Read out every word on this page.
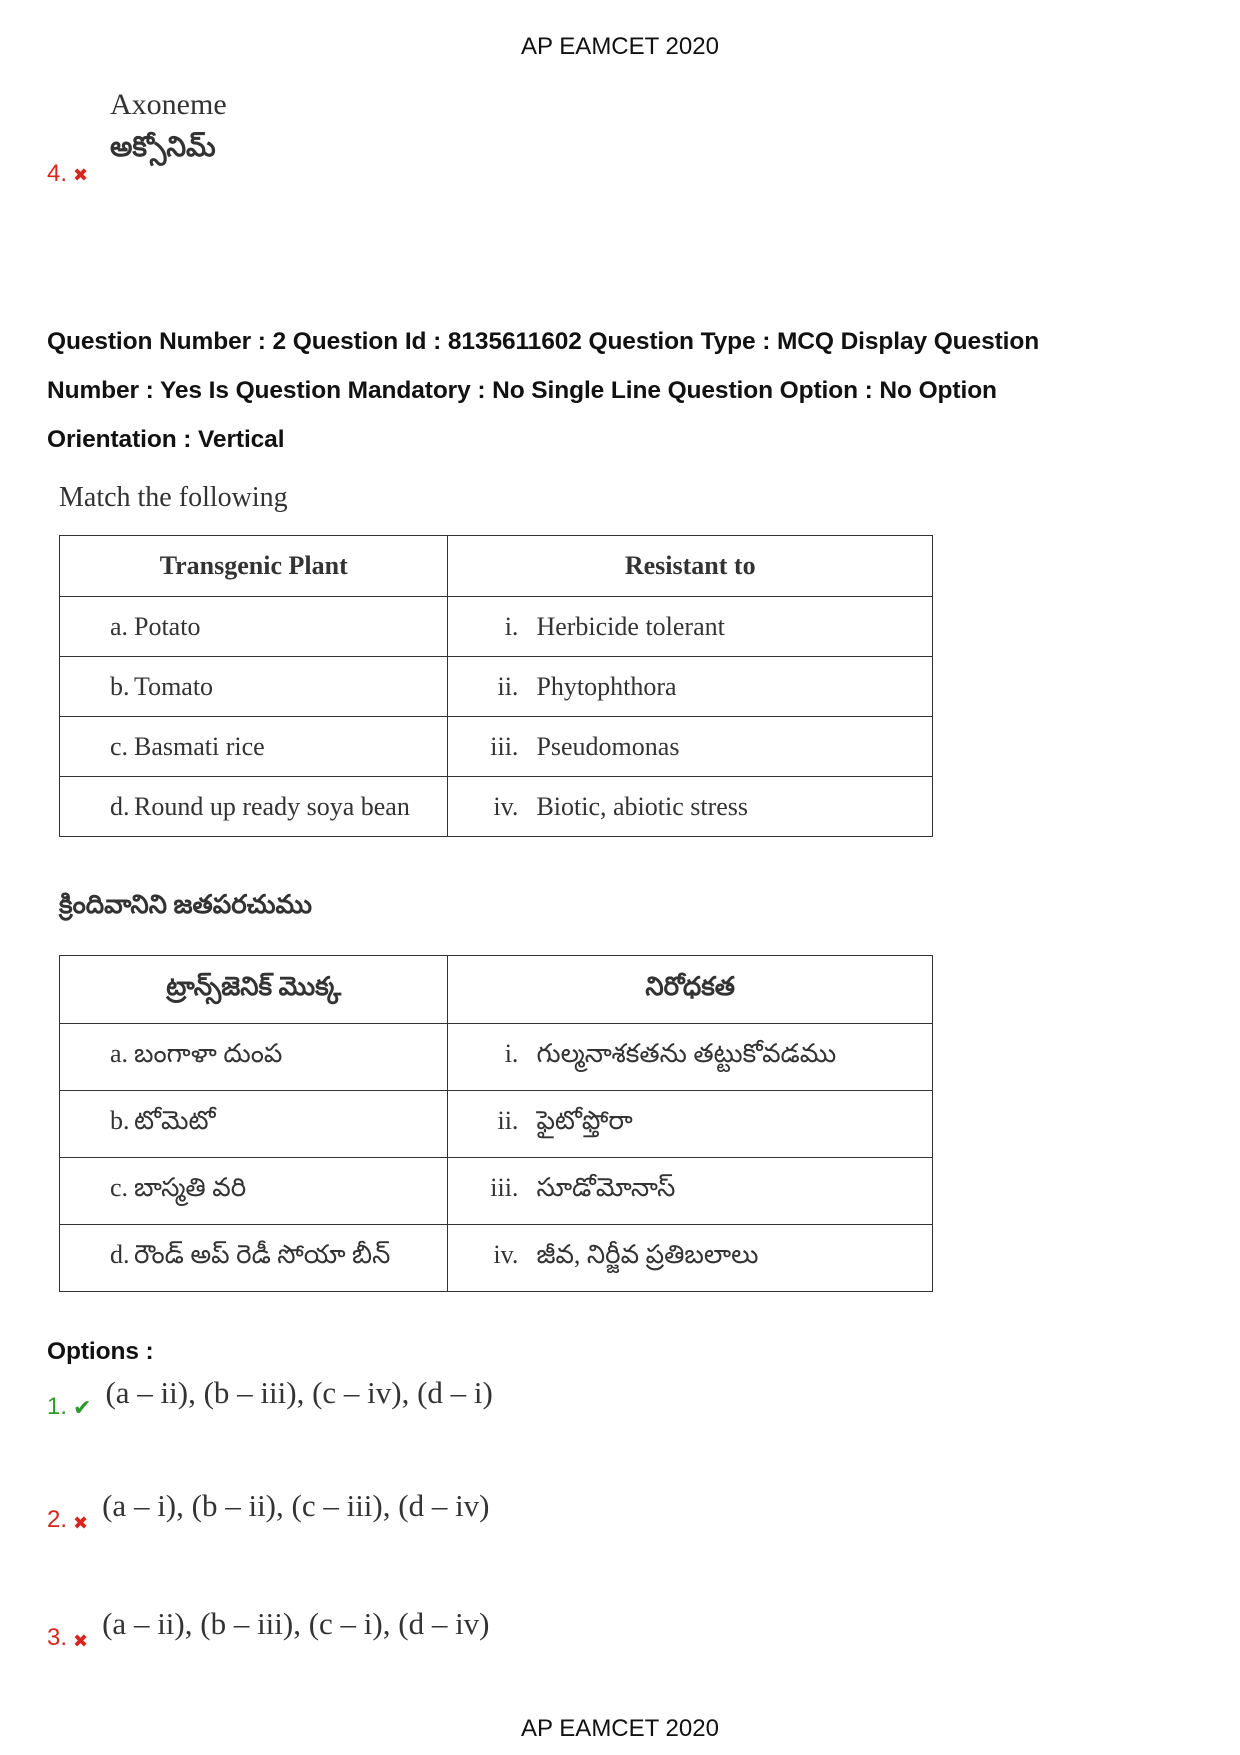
AP EAMCET 2020
Axoneme
అక్సోనిమ్
4. ✖
Question Number : 2 Question Id : 8135611602 Question Type : MCQ Display Question
Number : Yes Is Question Mandatory : No Single Line Question Option : No Option
Orientation : Vertical
Match the following
Transgenic Plant	Resistant to
a. Potato	i. Herbicide tolerant
b. Tomato	ii. Phytophthora
c. Basmati rice	iii. Pseudomonas
d. Round up ready soya bean	iv. Biotic, abiotic stress
క్రిందివానిని జతపరచుము
ట్రాన్స్‌జెనిక్ మొక్క	నిరోధకత
a. బంగాళా దుంప	i. గుల్మనాశకతను తట్టుకోవడము
b. టోమెటో	ii. ఫైటోఫ్తోరా
c. బాస్మతి వరి	iii. సూడోమోనాస్
d. రౌండ్ అప్ రెడీ సోయా బీన్	iv. జీవ, నిర్జీవ ప్రతిబలాలు
Options :
1. ✔ (a – ii), (b – iii), (c – iv), (d – i)
2. ✖ (a – i), (b – ii), (c – iii), (d – iv)
3. ✖ (a – ii), (b – iii), (c – i), (d – iv)
AP EAMCET 2020
